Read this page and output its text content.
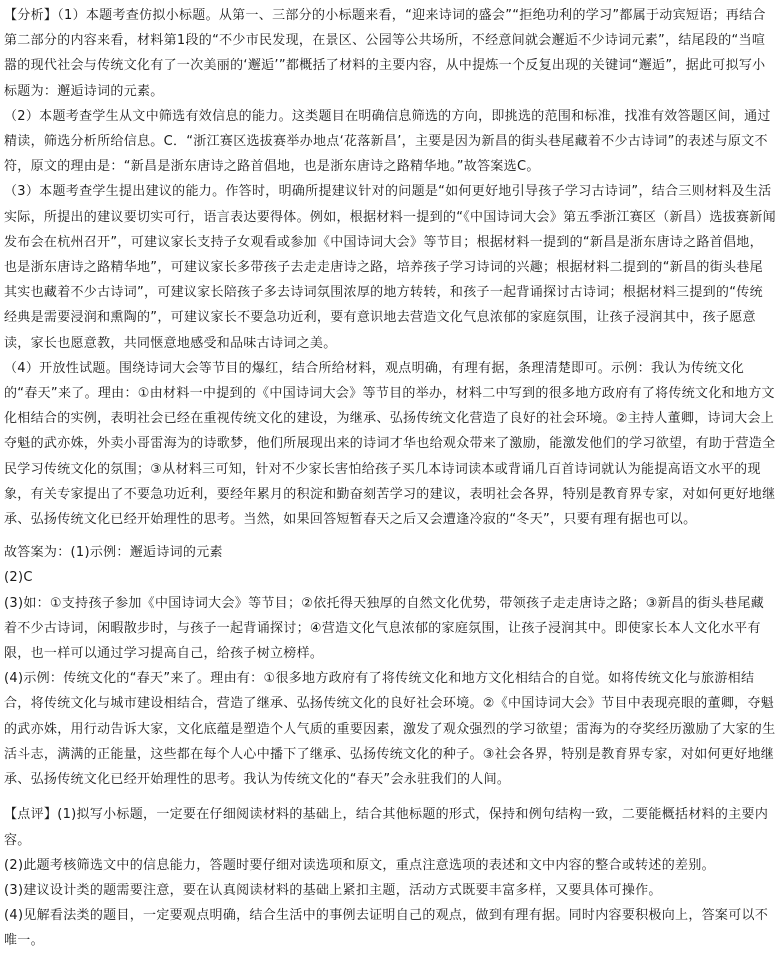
【分析】（1）本题考查仿拟小标题。从第一、三部分的小标题来看，“迎来诗词的盛会”“拒绝功利的学习”都属于动宾短语；再结合第二部分的内容来看，材料第1段的“不少市民发现，在景区、公园等公共场所，不经意间就会邂逅不少诗词元素”，结尾段的“当喧嚣的现代社会与传统文化有了一次美丽的‘邂逅’”都概括了材料的主要内容，从中提炼一个反复出现的关键词“邂逅”，据此可拟写小标题为：邂逅诗词的元素。

（2）本题考查学生从文中筛选有效信息的能力。这类题目在明确信息筛选的方向，即挑选的范围和标准，找准有效答题区间，通过精读，筛选分析所给信息。C．“浙江赛区选拔赛举办地点‘花落新昌’，主要是因为新昌的街头巷尾藏着不少古诗词”的表述与原文不符，原文的理由是：“新昌是浙东唐诗之路首倡地，也是浙东唐诗之路精华地。”故答案选C。

（3）本题考查学生提出建议的能力。作答时，明确所提建议针对的问题是“如何更好地引导孩子学习古诗词”，结合三则材料及生活实际，所提出的建议要切实可行，语言表达要得体。例如，根据材料一提到的“《中国诗词大会》第五季浙江赛区（新昌）选拔赛新闻发布会在杭州召开”，可建议家长支持子女观看或参加《中国诗词大会》等节目；根据材料一提到的“新昌是浙东唐诗之路首倡地，也是浙东唐诗之路精华地”，可建议家长多带孩子去走走唐诗之路，培养孩子学习诗词的兴趣；根据材料二提到的“新昌的街头巷尾其实也藏着不少古诗词”，可建议家长陪孩子多去诗词氛围浓厚的地方转转，和孩子一起背诵探讨古诗词；根据材料三提到的“传统经典是需要浸润和熏陶的”，可建议家长不要急功近利，要有意识地去营造文化气息浓郁的家庭氛围，让孩子浸润其中，孩子愿意读，家长也愿意教，共同惬意地感受和品味古诗词之美。

（4）开放性试题。围绕诗词大会等节目的爆红，结合所给材料，观点明确，有理有据，条理清楚即可。示例：我认为传统文化的“春天”来了。理由：①由材料一中提到的《中国诗词大会》等节目的举办，材料二中写到的很多地方政府有了将传统文化和地方文化相结合的实例，表明社会已经在重视传统文化的建设，为继承、弘扬传统文化营造了良好的社会环境。②主持人董卿，诗词大会上夺魁的武亦姝，外卖小哥雷海为的诗歌梦，他们所展现出来的诗词才华也给观众带来了激励，能激发他们的学习欲望，有助于营造全民学习传统文化的氛围；③从材料三可知，针对不少家长害怕给孩子买几本诗词读本或背诵几百首诗词就认为能提高语文水平的现象，有关专家提出了不要急功近利，要经年累月的积淀和勤奋刻苦学习的建议，表明社会各界，特别是教育界专家，对如何更好地继承、弘扬传统文化已经开始理性的思考。当然，如果回答短暂春天之后又会遭逢冷寂的“冬天”，只要有理有据也可以。

故答案为：(1)示例：邂逅诗词的元素

(2)C

(3)如：①支持孩子参加《中国诗词大会》等节目；②依托得天独厚的自然文化优势，带领孩子走走唐诗之路；③新昌的街头巷尾藏着不少古诗词，闲暇散步时，与孩子一起背诵探讨；④营造文化气息浓郁的家庭氛围，让孩子浸润其中。即使家长本人文化水平有限，也一样可以通过学习提高自己，给孩子树立榜样。

(4)示例：传统文化的“春天”来了。理由有：①很多地方政府有了将传统文化和地方文化相结合的自觉。如将传统文化与旅游相结合，将传统文化与城市建设相结合，营造了继承、弘扬传统文化的良好社会环境。②《中国诗词大会》节目中表现亮眼的董卿，夺魁的武亦姝，用行动告诉大家，文化底蕴是塑造个人气质的重要因素，激发了观众强烈的学习欲望；雷海为的夺奖经历激励了大家的生活斗志，满满的正能量，这些都在每个人心中播下了继承、弘扬传统文化的种子。③社会各界，特别是教育界专家，对如何更好地继承、弘扬传统文化已经开始理性的思考。我认为传统文化的“春天”会永驻我们的人间。

【点评】(1)拟写小标题，一定要在仔细阅读材料的基础上，结合其他标题的形式，保持和例句结构一致，二要能概括材料的主要内容。

(2)此题考核筛选文中的信息能力，答题时要仔细对读选项和原文，重点注意选项的表述和文中内容的整合或转述的差别。

(3)建议设计类的题需要注意，要在认真阅读材料的基础上紧扣主题，活动方式既要丰富多样，又要具体可操作。

(4)见解看法类的题目，一定要观点明确，结合生活中的事例去证明自己的观点，做到有理有据。同时内容要积极向上，答案可以不唯一。
